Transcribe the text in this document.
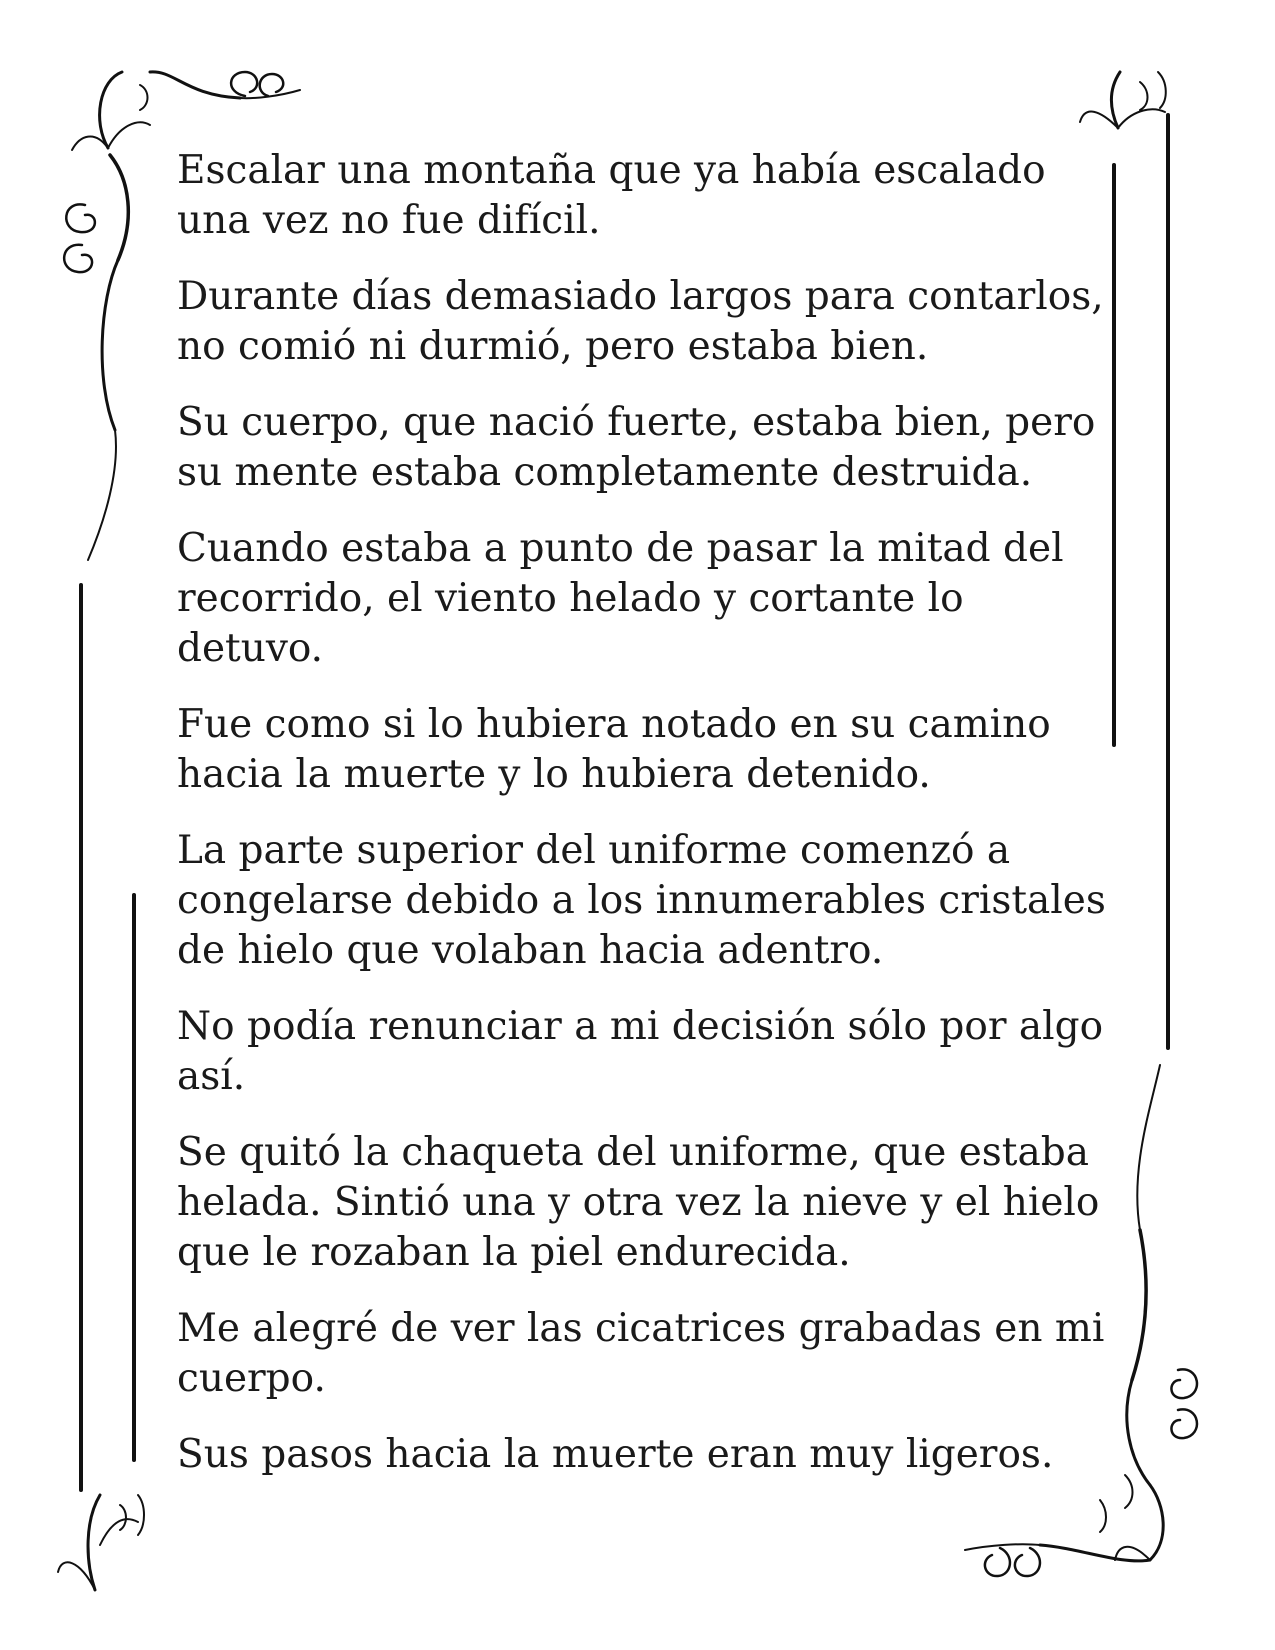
Escalar una montaña que ya había escalado una vez no fue difícil.

Durante días demasiado largos para contarlos, no comió ni durmió, pero estaba bien.

Su cuerpo, que nació fuerte, estaba bien, pero su mente estaba completamente destruida.

Cuando estaba a punto de pasar la mitad del recorrido, el viento helado y cortante lo detuvo.

Fue como si lo hubiera notado en su camino hacia la muerte y lo hubiera detenido.

La parte superior del uniforme comenzó a congelarse debido a los innumerables cristales de hielo que volaban hacia adentro.

No podía renunciar a mi decisión sólo por algo así.

Se quitó la chaqueta del uniforme, que estaba helada. Sintió una y otra vez la nieve y el hielo que le rozaban la piel endurecida.

Me alegré de ver las cicatrices grabadas en mi cuerpo.

Sus pasos hacia la muerte eran muy ligeros.
